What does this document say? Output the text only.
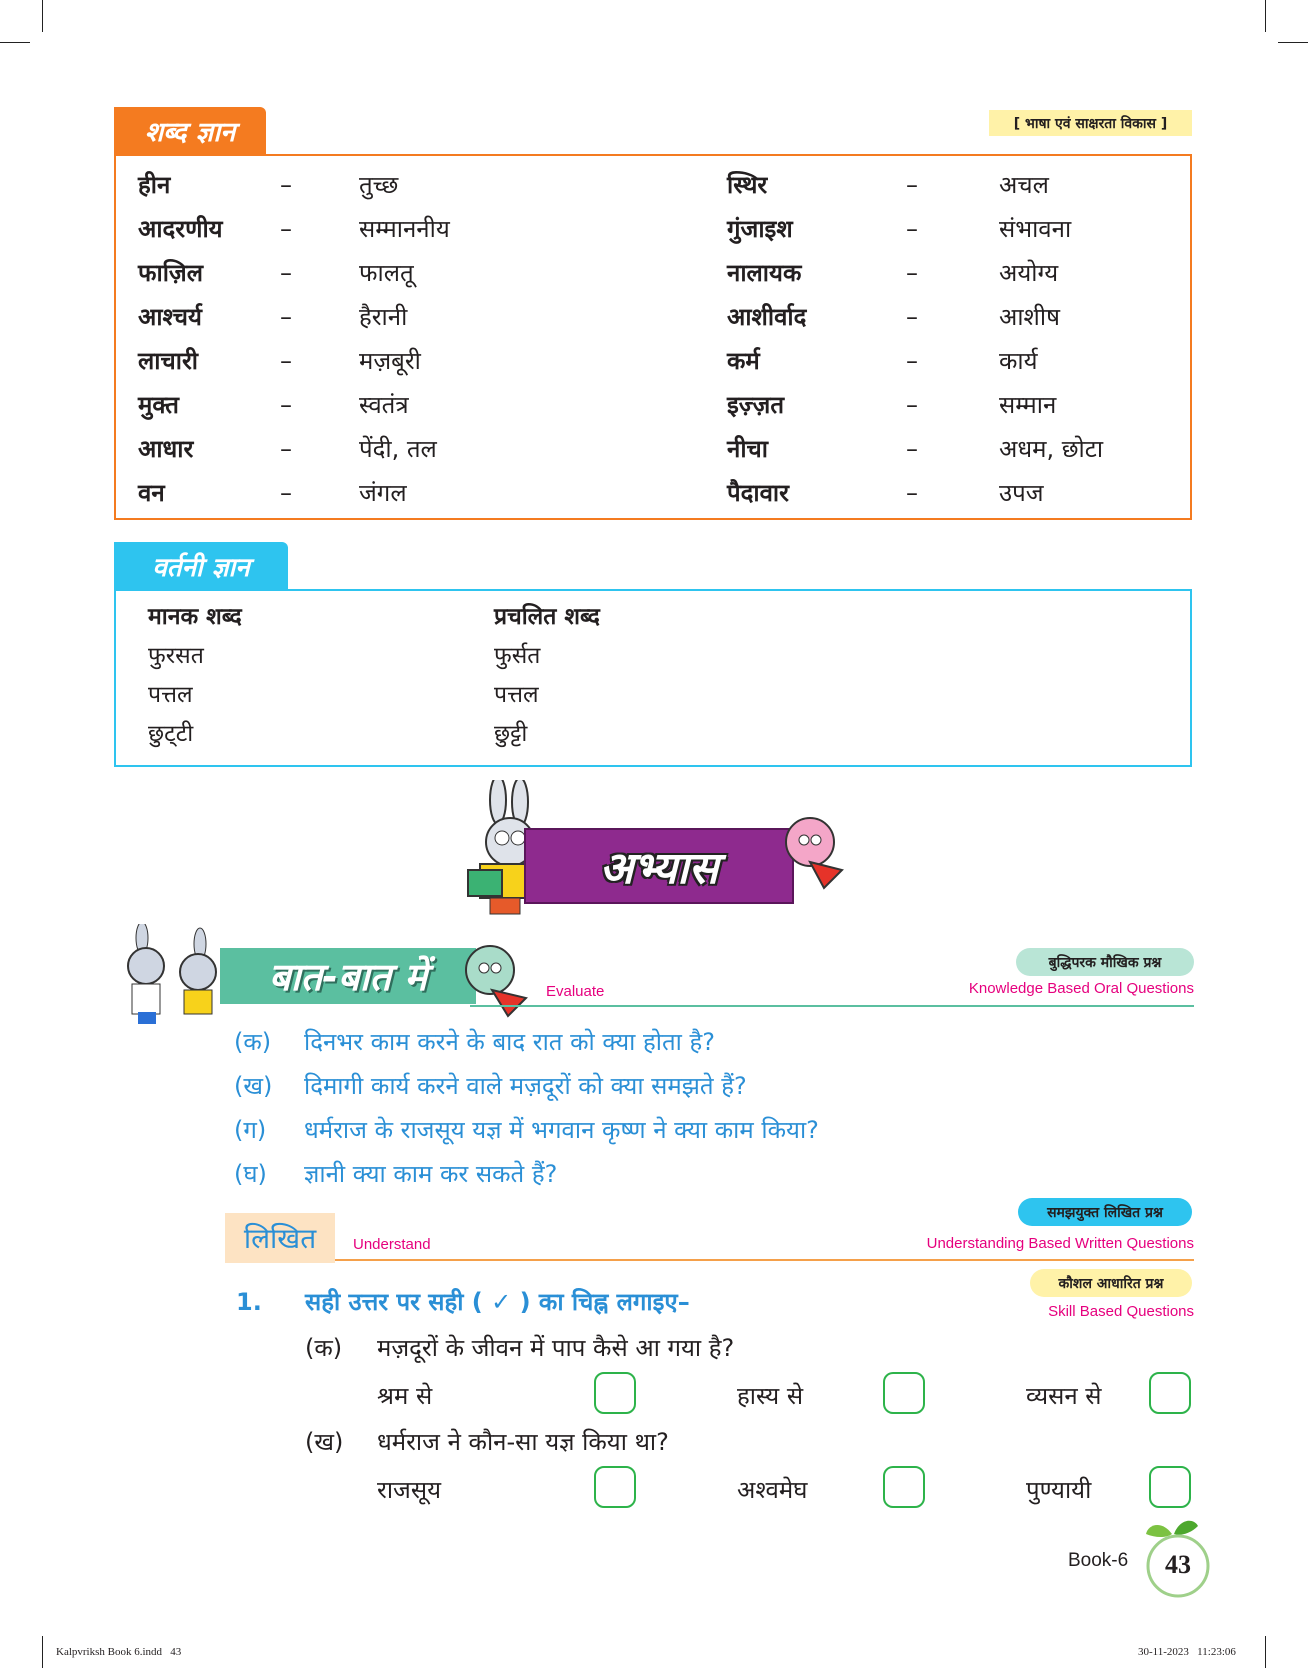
[ भाषा एवं साक्षरता विकास ]
शब्द ज्ञान
हीन	–	तुच्छ	स्थिर	–	अचल
आदरणीय –	सम्माननीय	गुंजाइश	–	संभावना
फाज़िल	–	फालतू	नालायक	–	अयोग्य
आश्चर्य	–	हैरानी	आशीर्वाद	–	आशीष
लाचारी	–	मज़बूरी	कर्म	–	कार्य
मुक्त	–	स्वतंत्र	इज़्ज़त	–	सम्मान
आधार	–	पेंदी, तल	नीचा	–	अधम, छोटा
वन	–	जंगल	पैदावार	–	उपज
वर्तनी ज्ञान
मानक शब्द	प्रचलित शब्द
फुरसत	फुर्सत
पत्तल	पत्तल
छुट्‌टी	छुट्टी
अभ्यास
बात-बात में	Evaluate
बुद्धिपरक मौखिक प्रश्न
Knowledge Based Oral Questions
(क) दिनभर काम करने के बाद रात को क्या होता है?
(ख) दिमागी कार्य करने वाले मज़दूरों को क्या समझते हैं?
(ग) धर्मराज के राजसूय यज्ञ में भगवान कृष्ण ने क्या काम किया?
(घ) ज्ञानी क्या काम कर सकते हैं?
लिखित	Understand
समझयुक्त लिखित प्रश्न
Understanding Based Written Questions
कौशल आधारित प्रश्न
Skill Based Questions
1. सही उत्तर पर सही ( ✓ ) का चिह्न लगाइए–
(क) मज़दूरों के जीवन में पाप कैसे आ गया है?
श्रम से	हास्य से	व्यसन से
(ख) धर्मराज ने कौन-सा यज्ञ किया था?
राजसूय	अश्वमेघ	पुण्यायी
Book-6	43
Kalpvriksh Book 6.indd   43	30-11-2023   11:23:06
